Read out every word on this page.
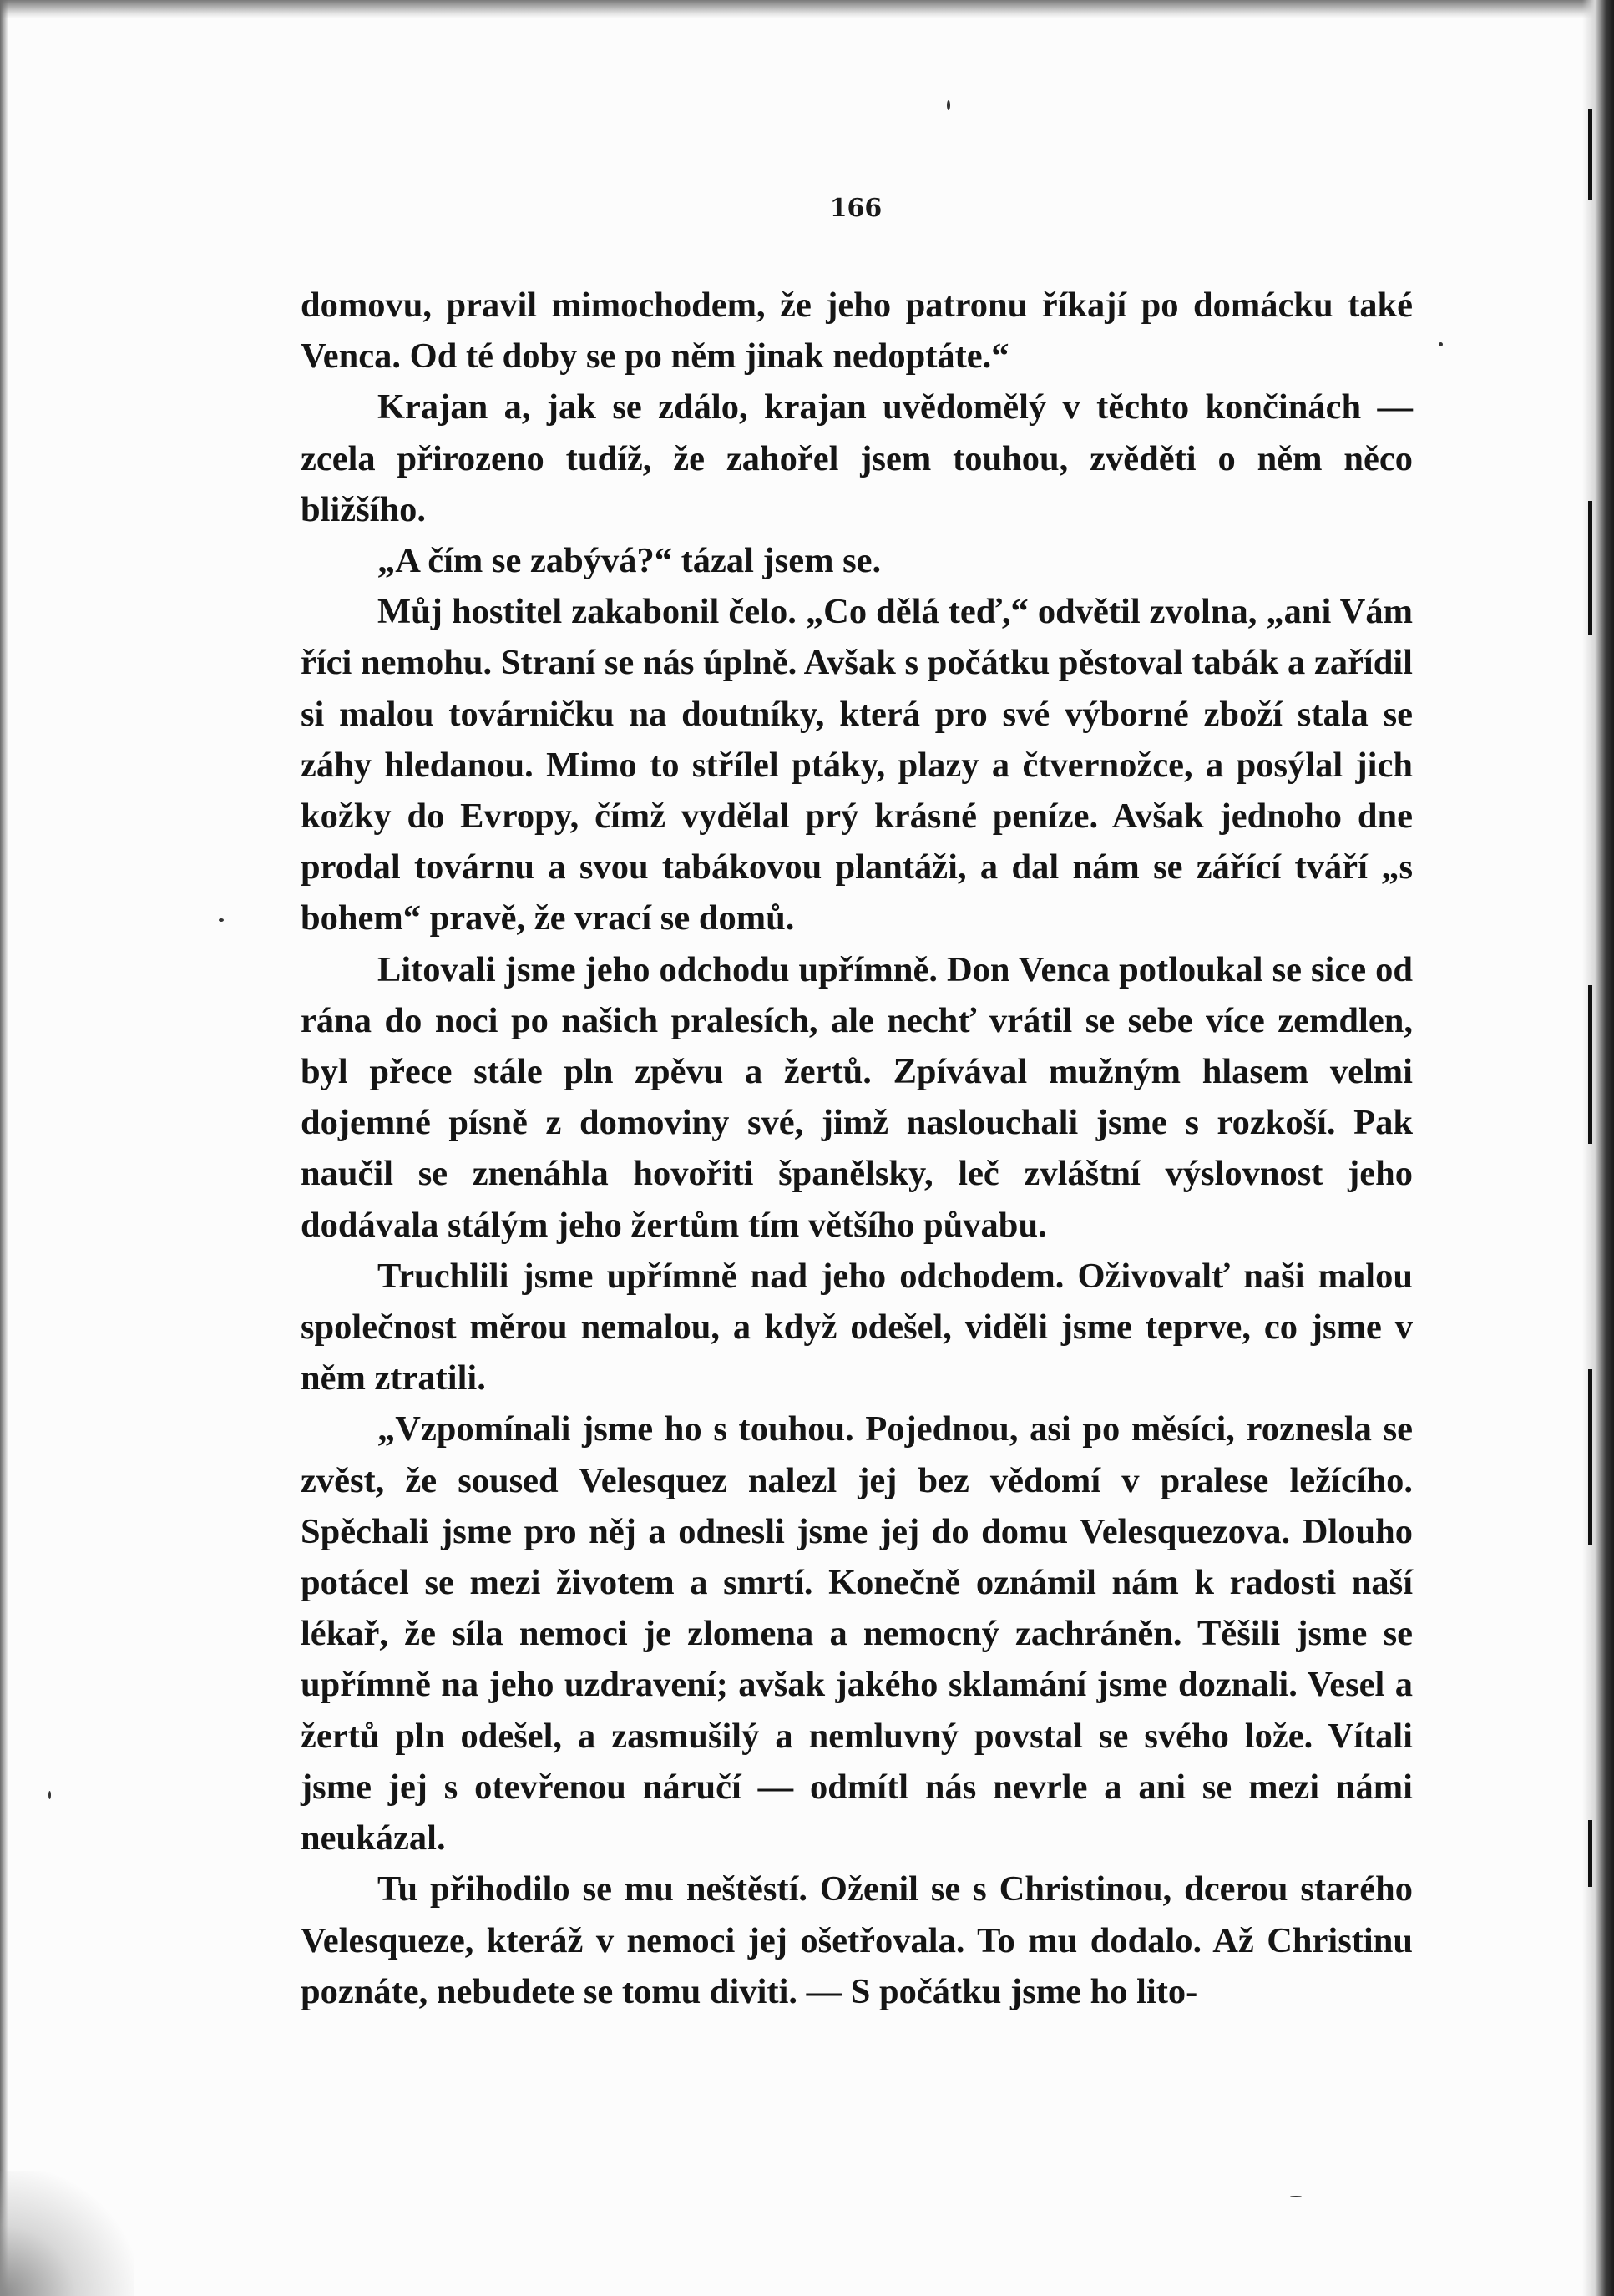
166

domovu, pravil mimochodem, že jeho patronu říkají po domácku také Venca. Od té doby se po něm jinak nedoptáte.“

Krajan a, jak se zdálo, krajan uvědomělý v těchto končinách — zcela přirozeno tudíž, že zahořel jsem touhou, zvěděti o něm něco bližšího.

„A čím se zabývá?“ tázal jsem se.

Můj hostitel zakabonil čelo. „Co dělá teď,“ odvětil zvolna, „ani Vám říci nemohu. Straní se nás úplně. Avšak s počátku pěstoval tabák a zařídil si malou továrničku na doutníky, která pro své výborné zboží stala se záhy hledanou. Mimo to střílel ptáky, plazy a čtvernožce, a posýlal jich kožky do Evropy, čímž vydělal prý krásné peníze. Avšak jednoho dne prodal továrnu a svou tabákovou plantáži, a dal nám se zářící tváří „s bohem“ pravě, že vrací se domů.

Litovali jsme jeho odchodu upřímně. Don Venca potloukal se sice od rána do noci po našich pralesích, ale nechť vrátil se sebe více zemdlen, byl přece stále pln zpěvu a žertů. Zpívával mužným hlasem velmi dojemné písně z domoviny své, jimž naslouchali jsme s rozkoší. Pak naučil se znenáhla hovořiti španělsky, leč zvláštní výslovnost jeho dodávala stálým jeho žertům tím většího půvabu.

Truchlili jsme upřímně nad jeho odchodem. Oživovalť naši malou společnost měrou nemalou, a když odešel, viděli jsme teprve, co jsme v něm ztratili.

„Vzpomínali jsme ho s touhou. Pojednou, asi po měsíci, roznesla se zvěst, že soused Velesquez nalezl jej bez vědomí v pralese ležícího. Spěchali jsme pro něj a odnesli jsme jej do domu Velesquezova. Dlouho potácel se mezi životem a smrtí. Konečně oznámil nám k radosti naší lékař, že síla nemoci je zlomena a nemocný zachráněn. Těšili jsme se upřímně na jeho uzdravení; avšak jakého sklamání jsme doznali. Vesel a žertů pln odešel, a zasmušilý a nemluvný povstal se svého lože. Vítali jsme jej s otevřenou náručí — odmítl nás nevrle a ani se mezi námi neukázal.

Tu přihodilo se mu neštěstí. Oženil se s Christinou, dcerou starého Velesqueze, kteráž v nemoci jej ošetřovala. To mu dodalo. Až Christinu poznáte, nebudete se tomu diviti. — S počátku jsme ho lito-
